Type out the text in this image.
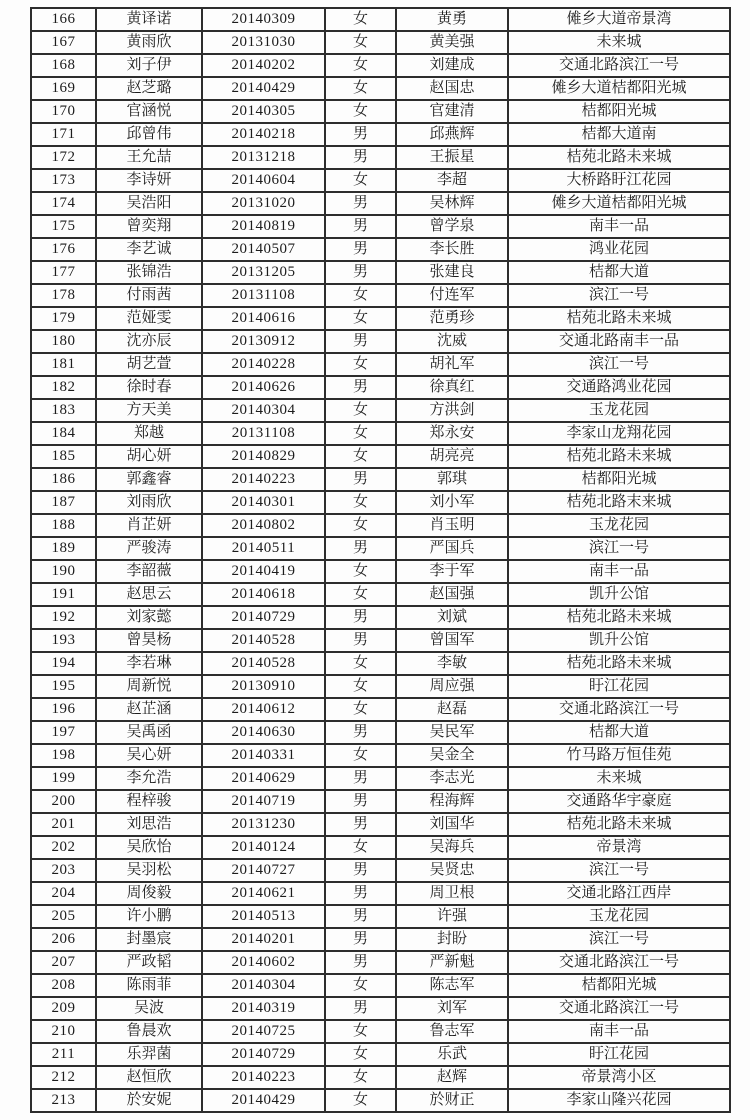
166	黄译诺	20140309	女	黄勇	傩乡大道帝景湾
167	黄雨欣	20131030	女	黄美强	未来城
168	刘子伊	20140202	女	刘建成	交通北路滨江一号
169	赵芝璐	20140429	女	赵国忠	傩乡大道桔都阳光城
170	官涵悦	20140305	女	官建清	桔都阳光城
171	邱曾伟	20140218	男	邱燕辉	桔都大道南
172	王允喆	20131218	男	王振星	桔苑北路未来城
173	李诗妍	20140604	女	李超	大桥路盱江花园
174	吴浩阳	20131020	男	吴林辉	傩乡大道桔都阳光城
175	曾奕翔	20140819	男	曾学泉	南丰一品
176	李艺诚	20140507	男	李长胜	鸿业花园
177	张锦浩	20131205	男	张建良	桔都大道
178	付雨茜	20131108	女	付连军	滨江一号
179	范娅雯	20140616	女	范勇珍	桔苑北路未来城
180	沈亦辰	20130912	男	沈威	交通北路南丰一品
181	胡艺萱	20140228	女	胡礼军	滨江一号
182	徐时春	20140626	男	徐真红	交通路鸿业花园
183	方天美	20140304	女	方洪剑	玉龙花园
184	郑越	20131108	女	郑永安	李家山龙翔花园
185	胡心妍	20140829	女	胡亮亮	桔苑北路未来城
186	郭鑫睿	20140223	男	郭琪	桔都阳光城
187	刘雨欣	20140301	女	刘小军	桔苑北路末来城
188	肖芷妍	20140802	女	肖玉明	玉龙花园
189	严骏涛	20140511	男	严国兵	滨江一号
190	李韶薇	20140419	女	李于军	南丰一品
191	赵思云	20140618	女	赵国强	凯升公馆
192	刘家懿	20140729	男	刘斌	桔苑北路未来城
193	曾昊杨	20140528	男	曾国军	凯升公馆
194	李若琳	20140528	女	李敏	桔苑北路未来城
195	周新悦	20130910	女	周应强	盱江花园
196	赵芷涵	20140612	女	赵磊	交通北路滨江一号
197	吴禹函	20140630	男	吴民军	桔都大道
198	吴心妍	20140331	女	吴金全	竹马路万恒佳苑
199	李允浩	20140629	男	李志光	未来城
200	程梓骏	20140719	男	程海辉	交通路华宇豪庭
201	刘思浩	20131230	男	刘国华	桔苑北路未来城
202	吴欣怡	20140124	女	吴海兵	帝景湾
203	吴羽松	20140727	男	吴贤忠	滨江一号
204	周俊毅	20140621	男	周卫根	交通北路江西岸
205	许小鹏	20140513	男	许强	玉龙花园
206	封墨宸	20140201	男	封盼	滨江一号
207	严政韬	20140602	男	严新魁	交通北路滨江一号
208	陈雨菲	20140304	女	陈志军	桔都阳光城
209	吴波	20140319	男	刘军	交通北路滨江一号
210	鲁晨欢	20140725	女	鲁志军	南丰一品
211	乐羿菌	20140729	女	乐武	盱江花园
212	赵恒欣	20140223	女	赵辉	帝景湾小区
213	於安妮	20140429	女	於财正	李家山隆兴花园
